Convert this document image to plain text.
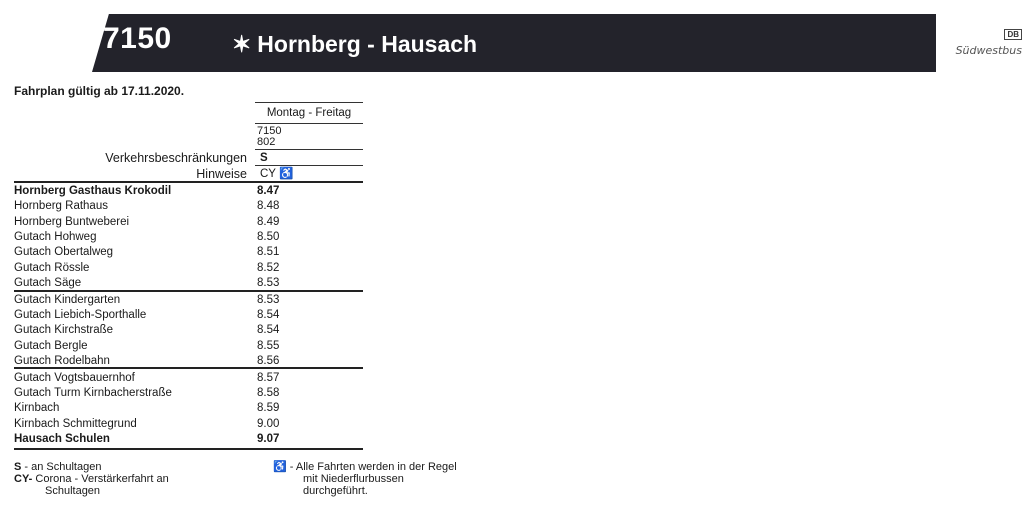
7150	✶ Hornberg - Hausach	DB
Südwestbus
Fahrplan gültig ab 17.11.2020.
Montag - Freitag
7150
802
Verkehrsbeschränkungen S
Hinweise CY ♿
Hornberg Gasthaus Krokodil	8.47
Hornberg Rathaus	8.48
Hornberg Buntweberei	8.49
Gutach Hohweg	8.50
Gutach Obertalweg	8.51
Gutach Rössle	8.52
Gutach Säge	8.53
Gutach Kindergarten	8.53
Gutach Liebich-Sporthalle	8.54
Gutach Kirchstraße	8.54
Gutach Bergle	8.55
Gutach Rodelbahn	8.56
Gutach Vogtsbauernhof	8.57
Gutach Turm Kirnbacherstraße	8.58
Kirnbach	8.59
Kirnbach Schmittegrund	9.00
Hausach Schulen	9.07
S - an Schultagen
CY- Corona - Verstärkerfahrt an
Schultagen
♿ - Alle Fahrten werden in der Regel
mit Niederflurbussen
durchgeführt.
